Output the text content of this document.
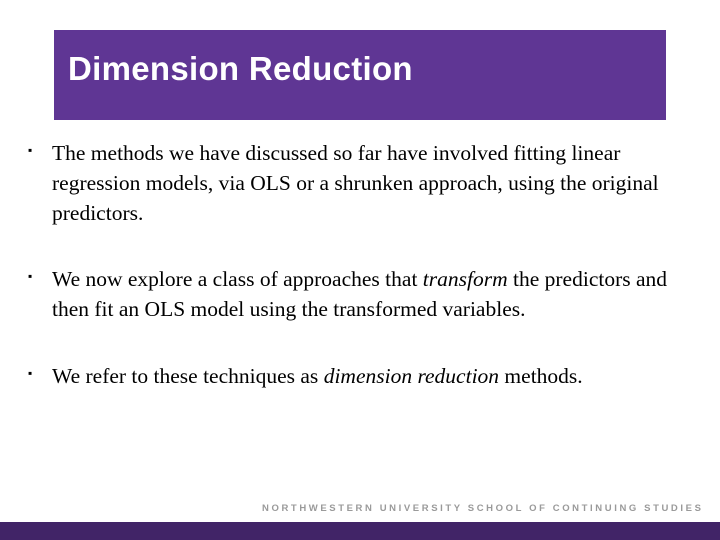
Dimension Reduction
▪ The methods we have discussed so far have involved fitting linear regression models, via OLS or a shrunken approach, using the original predictors.

▪ We now explore a class of approaches that transform the predictors and then fit an OLS model using the transformed variables.

▪ We refer to these techniques as dimension reduction methods.

NORTHWESTERN UNIVERSITY SCHOOL OF CONTINUING STUDIES
